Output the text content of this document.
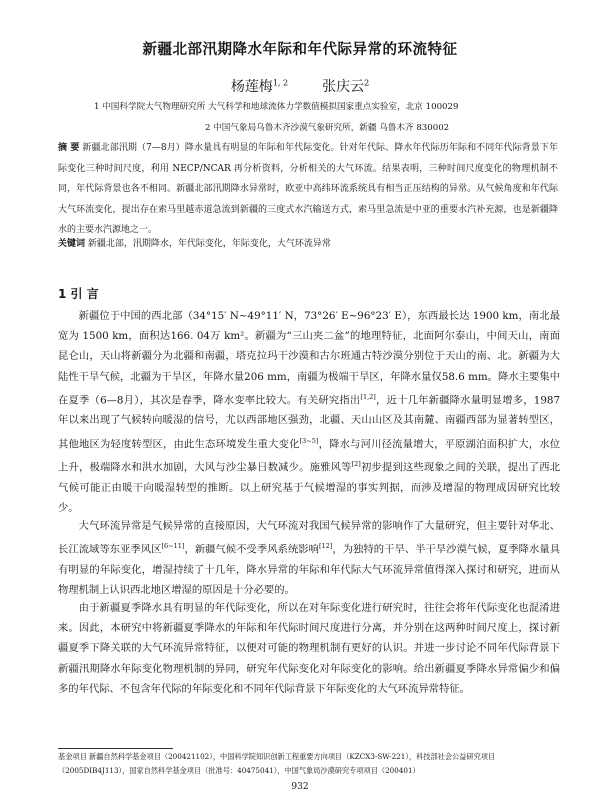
新疆北部汛期降水年际和年代际异常的环流特征
杨莲梅$^{1, 2}$ 张庆云$^2$
1 中国科学院大气物理研究所 大气科学和地球流体力学数值模拟国家重点实验室，北京 100029
2 中国气象局乌鲁木齐沙漠气象研究所，新疆 乌鲁木齐 830002
摘 要 新疆北部汛期（7—8月）降水量具有明显的年际和年代际变化。针对年代际、降水年代际历年际和不同年代际背景下年际变化三种时间尺度，利用 NECP/NCAR 再分析资料，分析相关的大气环流。结果表明，三种时间尺度变化的物理机制不同，年代际背景也各不相同。新疆北部汛期降水异常时，欧亚中高纬环流系统具有相当正压结构的异常。从气候角度和年代际大气环流变化，提出存在索马里越赤道急流到新疆的三度式水汽输送方式，索马里急流是中亚的重要水汽补充源，也是新疆降水的主要水汽源地之一。
关键词 新疆北部，汛期降水，年代际变化，年际变化，大气环流异常
1 引 言
新疆位于中国的西北部（34°15′ N~49°11′ N，73°26′ E~96°23′ E），东西最长达 1900 km，南北最宽为 1500 km，面积达166. 04万 km²。新疆为“三山夹二盆”的地理特征，北面阿尔泰山，中间天山，南面昆仑山，天山将新疆分为北疆和南疆，塔克拉玛干沙漠和古尔班通古特沙漠分别位于天山的南、北。新疆为大陆性干旱气候，北疆为干旱区，年降水量206 mm，南疆为极端干旱区，年降水量仅58.6 mm。降水主要集中在夏季（6—8月），其次是春季，降水变率比较大。有关研究指出[1,2]，近十几年新疆降水量明显增多，1987年以来出现了气候转向暖湿的信号，尤以西部地区强劲，北疆、天山山区及其南麓、南疆西部为显著转型区，其他地区为轻度转型区，由此生态环境发生重大变化[3~5]，降水与河川径流量增大，平原湖泊面积扩大，水位上升，极端降水和洪水加剧，大风与沙尘暴日数减少。施雅风等[2]初步提到这些现象之间的关联，提出了西北气候可能正由暖干向暖湿转型的推断。以上研究基于气候增湿的事实判据，而涉及增湿的物理成因研究比较少。
大气环流异常是气候异常的直接原因，大气环流对我国气候异常的影响作了大量研究，但主要针对华北、长江流域等东亚季风区[6~11]，新疆气候不受季风系统影响[12]，为独特的干旱、半干旱沙漠气候，夏季降水量具有明显的年际变化，增湿持续了十几年，降水异常的年际和年代际大气环流异常值得深入探讨和研究，进而从物理机制上认识西北地区增湿的原因是十分必要的。
由于新疆夏季降水具有明显的年代际变化，所以在对年际变化进行研究时，往往会将年代际变化也混淆进来。因此，本研究中将新疆夏季降水的年际和年代际时间尺度进行分离，并分别在这两种时间尺度上，探讨新疆夏季下降关联的大气环流异常特征，以便对可能的物理机制有更好的认识。并进一步讨论不同年代际背景下新疆汛期降水年际变化物理机制的异同，研究年代际变化对年际变化的影响。给出新疆夏季降水异常偏少和偏多的年代际、不包含年代际的年际变化和不同年代际背景下年际变化的大气环流异常特征。
基金项目 新疆自然科学基金项目（200421102），中国科学院知识创新工程重要方向项目（KZCX3-SW-221），科技部社会公益研究项目
（2005DIB4J113），国家自然科学基金项目（批准号：40475041），中国气象局沙漠研究专项项目（200401）
932
